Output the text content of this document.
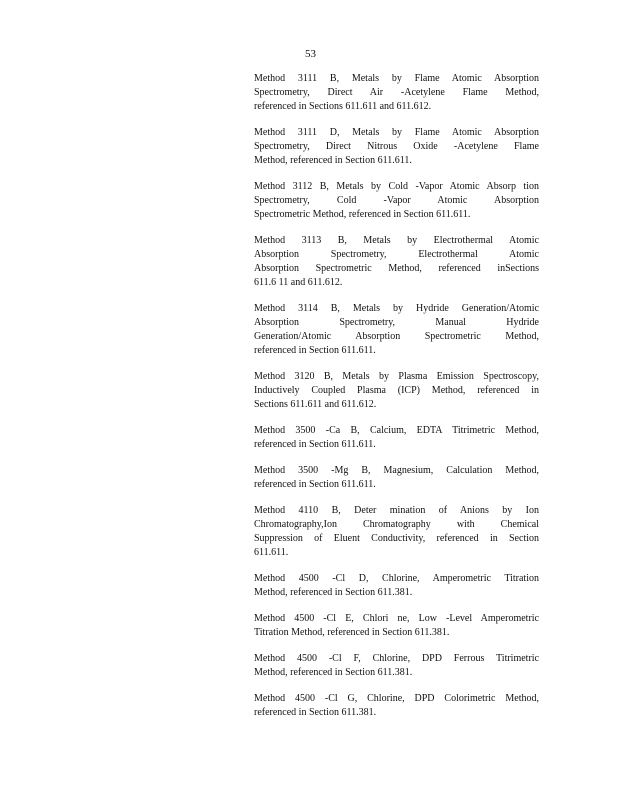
53

Method 3111 B, Metals by Flame Atomic Absorption
Spectrometry, Direct Air -Acetylene Flame Method,
referenced in Sections 611.611 and 611.612.
Method 3111 D, Metals by Flame Atomic Absorption
Spectrometry, Direct Nitrous Oxide -Acetylene Flame
Method, referenced in Section 611.611.
Method 3112 B, Metals by Cold -Vapor Atomic Absorp tion
Spectrometry, Cold -Vapor Atomic Absorption
Spectrometric Method, referenced in Section 611.611.
Method 3113 B, Metals by Electrothermal Atomic
Absorption Spectrometry, Electrothermal Atomic
Absorption Spectrometric Method, referenced inSections
611.6 11 and 611.612.
Method 3114 B, Metals by Hydride Generation/Atomic
Absorption Spectrometry, Manual Hydride
Generation/Atomic Absorption Spectrometric Method,
referenced in Section 611.611.
Method 3120 B, Metals by Plasma Emission Spectroscopy,
Inductively Coupled Plasma (ICP) Method, referenced in
Sections 611.611 and 611.612.
Method 3500 -Ca B, Calcium, EDTA Titrimetric Method,
referenced in Section 611.611.
Method 3500 -Mg B, Magnesium, Calculation Method,
referenced in Section 611.611.
Method 4110 B, Deter mination of Anions by Ion
Chromatography,Ion Chromatography with Chemical
Suppression of Eluent Conductivity, referenced in Section
611.611.
Method 4500 -Cl D, Chlorine, Amperometric Titration
Method, referenced in Section 611.381.
Method 4500 -Cl E, Chlori ne, Low -Level Amperometric
Titration Method, referenced in Section 611.381.
Method 4500 -Cl F, Chlorine, DPD Ferrous Titrimetric
Method, referenced in Section 611.381.
Method 4500 -Cl G, Chlorine, DPD Colorimetric Method,
referenced in Section 611.381.
